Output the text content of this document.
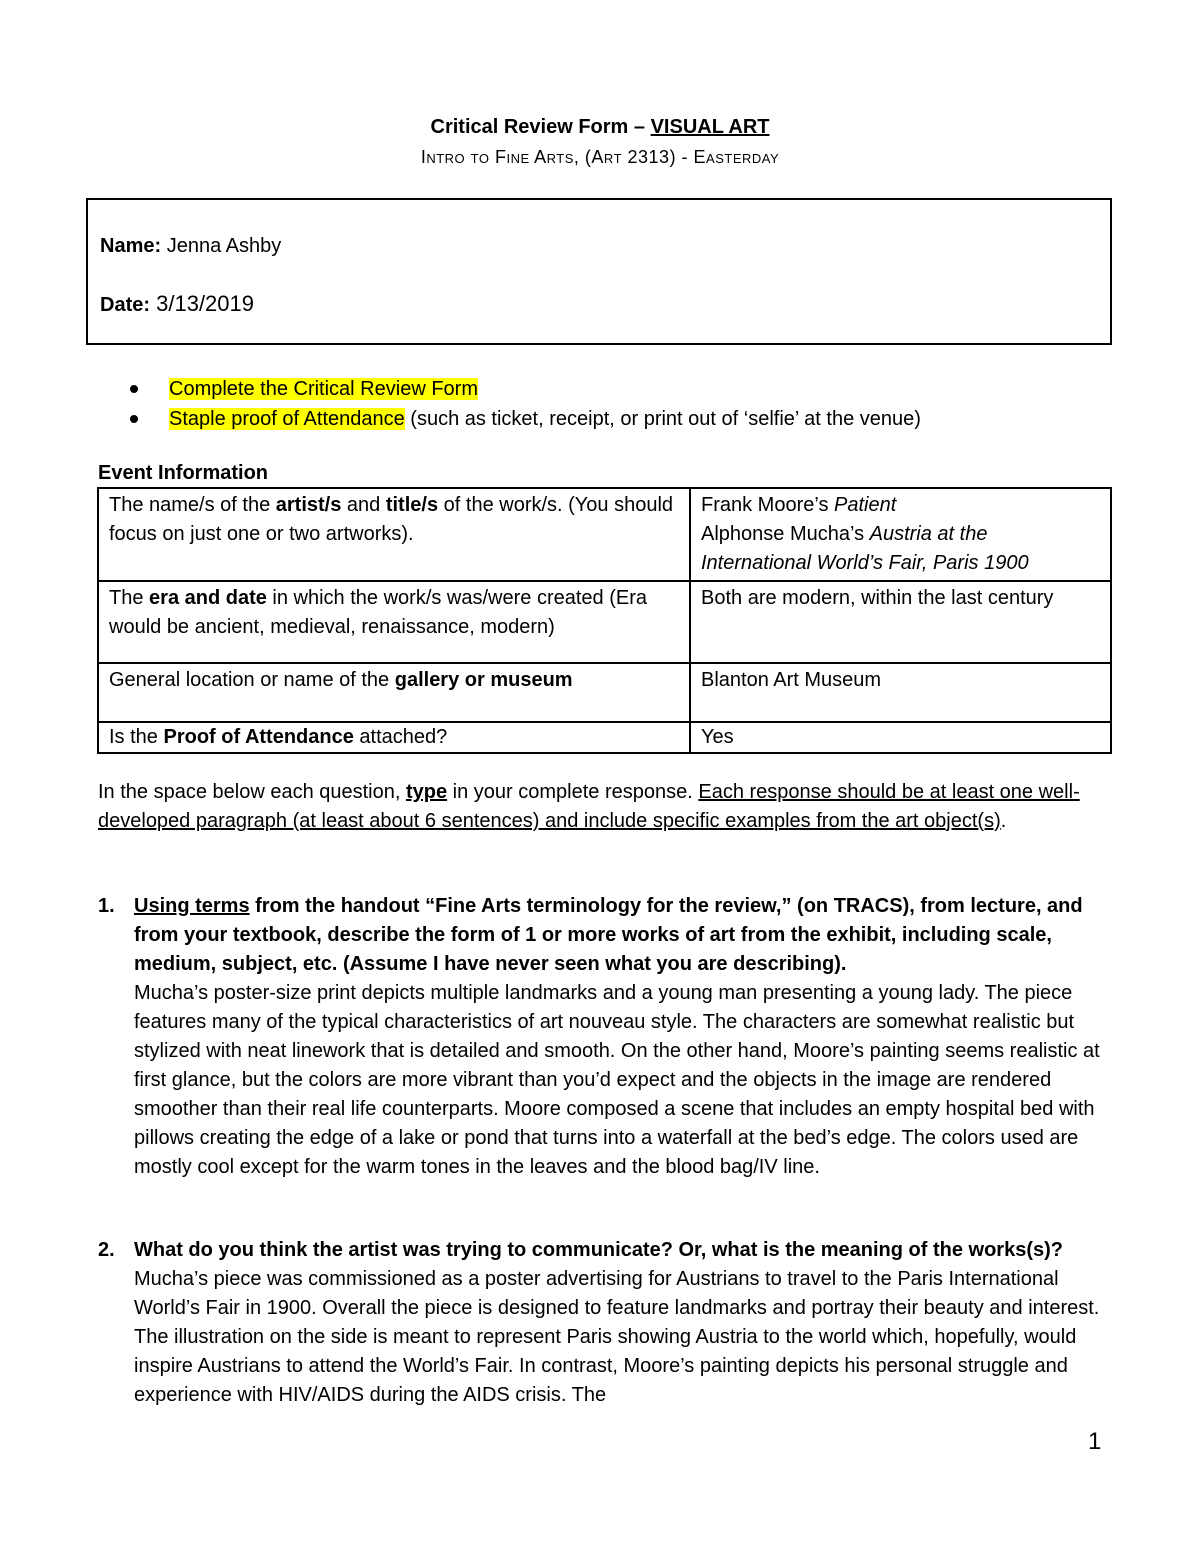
Critical Review Form – VISUAL ART
Intro to Fine Arts, (Art 2313) - Easterday
Name: Jenna Ashby
Date: 3/13/2019
Complete the Critical Review Form
Staple proof of Attendance (such as ticket, receipt, or print out of ‘selfie’ at the venue)
Event Information
The name/s of the artist/s and title/s of the work/s. (You should focus on just one or two artworks).	Frank Moore’s Patient
Alphonse Mucha’s Austria at the International World’s Fair, Paris 1900
The era and date in which the work/s was/were created (Era would be ancient, medieval, renaissance, modern)	Both are modern, within the last century
General location or name of the gallery or museum	Blanton Art Museum
Is the Proof of Attendance attached?	Yes
In the space below each question, type in your complete response. Each response should be at least one well-developed paragraph (at least about 6 sentences) and include specific examples from the art object(s).
1. Using terms from the handout “Fine Arts terminology for the review,” (on TRACS), from lecture, and from your textbook, describe the form of 1 or more works of art from the exhibit, including scale, medium, subject, etc. (Assume I have never seen what you are describing).
Mucha’s poster-size print depicts multiple landmarks and a young man presenting a young lady. The piece features many of the typical characteristics of art nouveau style. The characters are somewhat realistic but stylized with neat linework that is detailed and smooth. On the other hand, Moore’s painting seems realistic at first glance, but the colors are more vibrant than you’d expect and the objects in the image are rendered smoother than their real life counterparts. Moore composed a scene that includes an empty hospital bed with pillows creating the edge of a lake or pond that turns into a waterfall at the bed’s edge. The colors used are mostly cool except for the warm tones in the leaves and the blood bag/IV line.
2. What do you think the artist was trying to communicate? Or, what is the meaning of the works(s)?
Mucha’s piece was commissioned as a poster advertising for Austrians to travel to the Paris International World’s Fair in 1900. Overall the piece is designed to feature landmarks and portray their beauty and interest. The illustration on the side is meant to represent Paris showing Austria to the world which, hopefully, would inspire Austrians to attend the World’s Fair. In contrast, Moore’s painting depicts his personal struggle and experience with HIV/AIDS during the AIDS crisis. The
1
